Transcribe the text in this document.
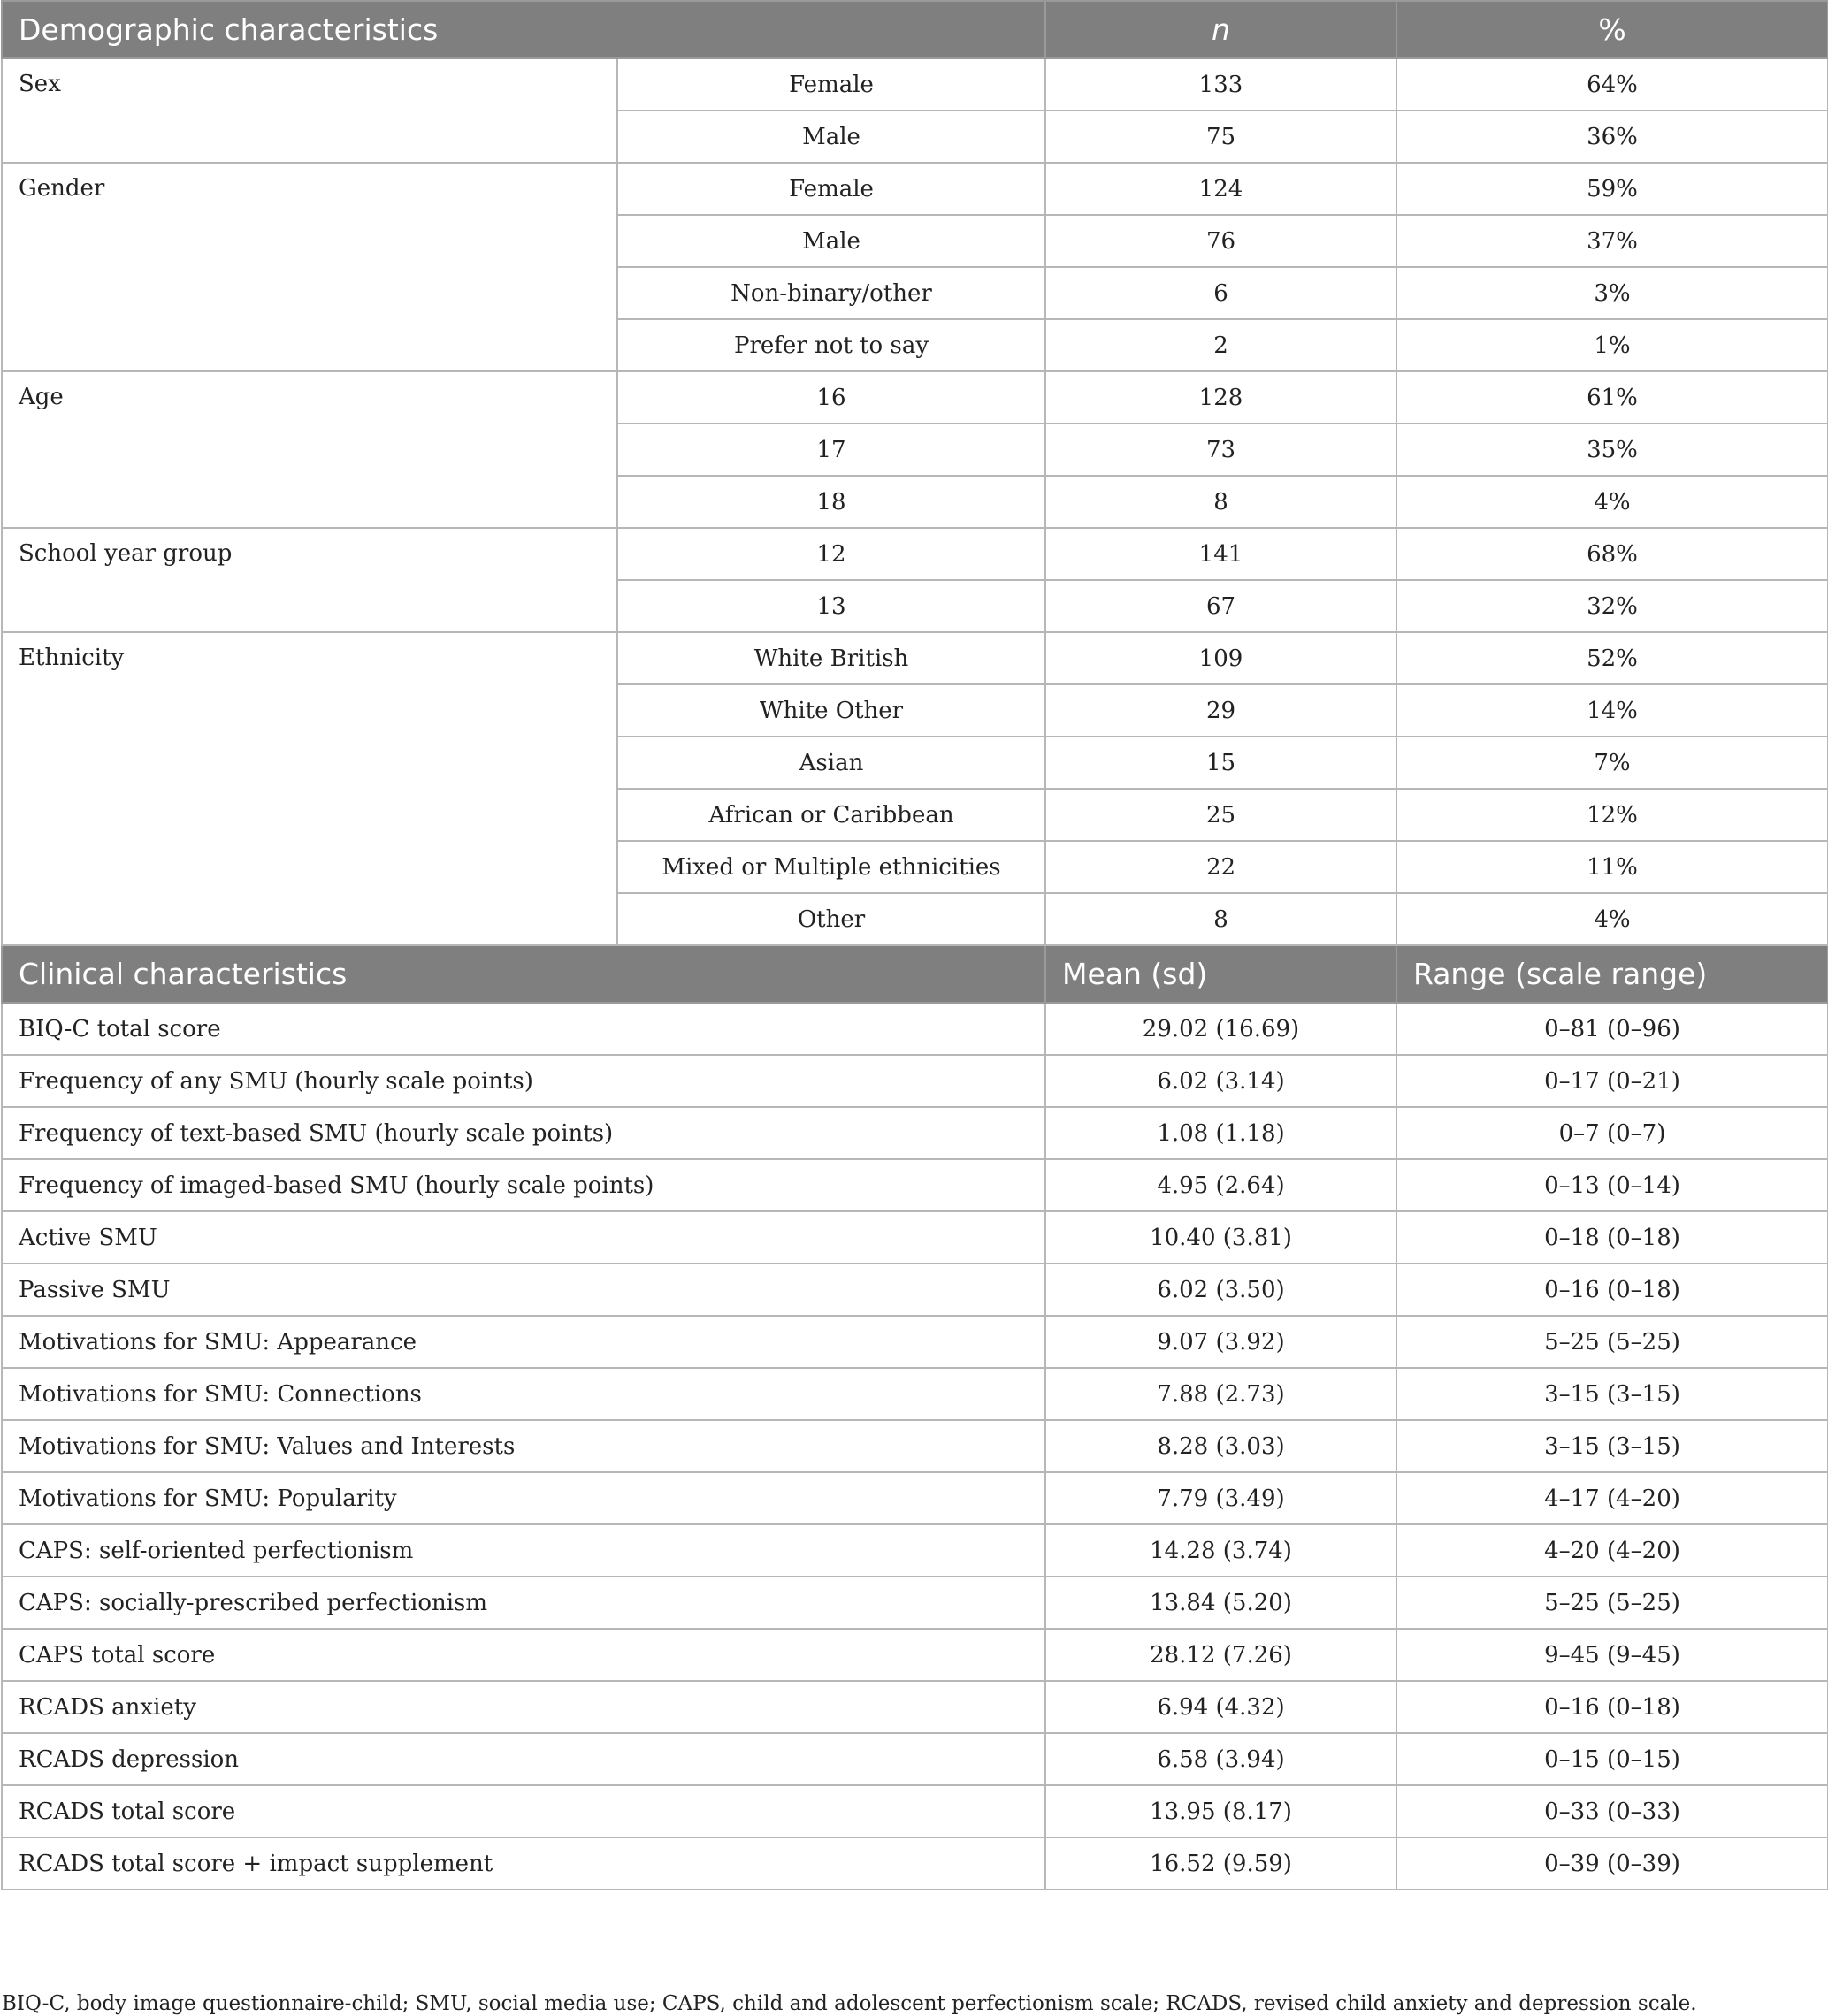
Demographic characteristics		n	%
Sex	Female	133	64%
	Male	75	36%
Gender	Female	124	59%
	Male	76	37%
	Non-binary/other	6	3%
	Prefer not to say	2	1%
Age	16	128	61%
	17	73	35%
	18	8	4%
School year group	12	141	68%
	13	67	32%
Ethnicity	White British	109	52%
	White Other	29	14%
	Asian	15	7%
	African or Caribbean	25	12%
	Mixed or Multiple ethnicities	22	11%
	Other	8	4%
Clinical characteristics		Mean (sd)	Range (scale range)
BIQ-C total score		29.02 (16.69)	0–81 (0–96)
Frequency of any SMU (hourly scale points)		6.02 (3.14)	0–17 (0–21)
Frequency of text-based SMU (hourly scale points)		1.08 (1.18)	0–7 (0–7)
Frequency of imaged-based SMU (hourly scale points)		4.95 (2.64)	0–13 (0–14)
Active SMU		10.40 (3.81)	0–18 (0–18)
Passive SMU		6.02 (3.50)	0–16 (0–18)
Motivations for SMU: Appearance		9.07 (3.92)	5–25 (5–25)
Motivations for SMU: Connections		7.88 (2.73)	3–15 (3–15)
Motivations for SMU: Values and Interests		8.28 (3.03)	3–15 (3–15)
Motivations for SMU: Popularity		7.79 (3.49)	4–17 (4–20)
CAPS: self-oriented perfectionism		14.28 (3.74)	4–20 (4–20)
CAPS: socially-prescribed perfectionism		13.84 (5.20)	5–25 (5–25)
CAPS total score		28.12 (7.26)	9–45 (9–45)
RCADS anxiety		6.94 (4.32)	0–16 (0–18)
RCADS depression		6.58 (3.94)	0–15 (0–15)
RCADS total score		13.95 (8.17)	0–33 (0–33)
RCADS total score + impact supplement		16.52 (9.59)	0–39 (0–39)
BIQ-C, body image questionnaire-child; SMU, social media use; CAPS, child and adolescent perfectionism scale; RCADS, revised child anxiety and depression scale.
